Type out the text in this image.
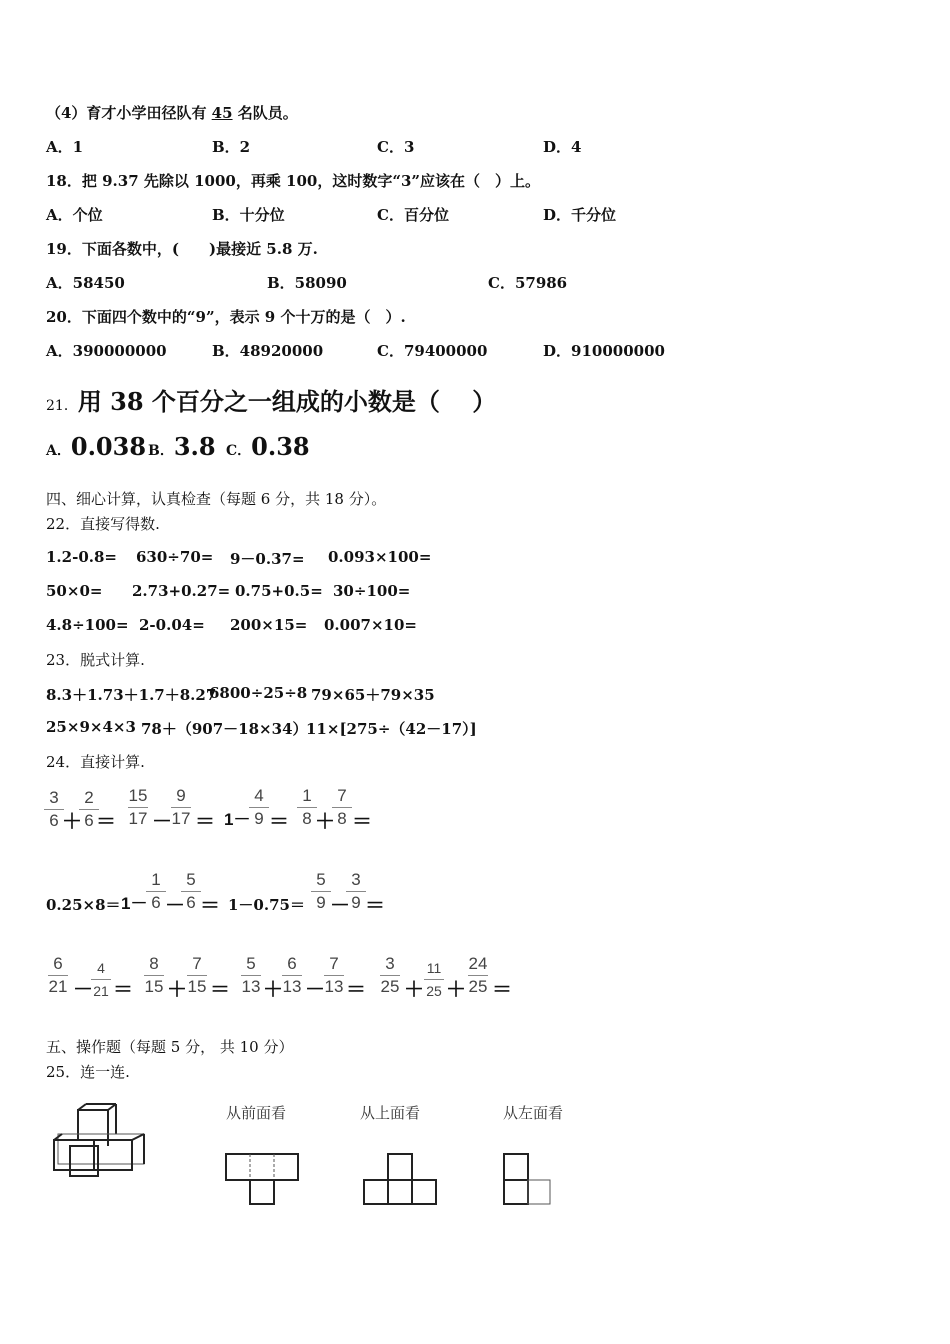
（4）育才小学田径队有 45 名队员。
A．1	B．2	C．3	D．4
18．把 9.37 先除以 1000，再乘 100，这时数字“3”应该在（　）上。
A．个位	B．十分位	C．百分位	D．千分位
19．下面各数中，(　　)最接近 5.8 万.
A．58450	B．58090	C．57986
20．下面四个数中的“9”，表示 9 个十万的是（　）.
A．390000000	B．48920000	C．79400000	D．910000000
21．用 38 个百分之一组成的小数是（　 ）
A．0.038 B．3.8 C．0.38
四、细心计算，认真检查（每题 6 分，共 18 分）。
22．直接写得数.
1.2-0.8= 630÷70= 9－0.37= 0.093×100=
50×0= 2.73+0.27= 0.75+0.5= 30÷100=
4.8÷100= 2-0.04= 200×15= 0.007×10=
23．脱式计算.
8.3＋1.73＋1.7＋8.27
6800÷25÷8 79×65＋79×35
25×9×4×3 78＋（907－18×34）
11×[275÷（42－17）]
24．直接计算.
3
6 ＋
2
6 ＝
15
17 －
9
17 ＝ 1－
4
9 ＝
1
8 ＋
7
8 ＝
0.25×8＝ 1－
1
6 －
5
6 ＝ 1－0.75＝
5
9 －
3
9 ＝
6
21 －
4
21 ＝
8
15 ＋
7
15 ＝
5
13 ＋
6
13 －
7
13 ＝
3
25 ＋
11
25 ＋
24
25 ＝
五、操作题（每题 5 分， 共 10 分）
25．连一连.
从前面看	从上面看	从左面看
